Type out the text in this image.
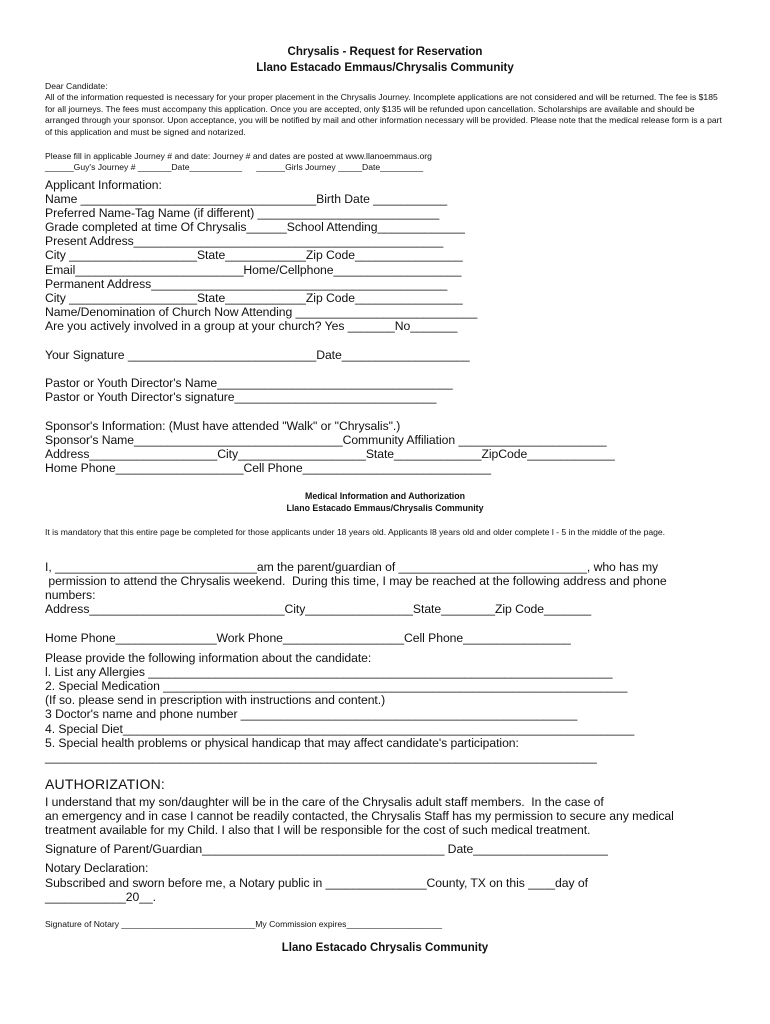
Chrysalis - Request for Reservation
Llano Estacado Emmaus/Chrysalis Community
Dear Candidate:
All of the information requested is necessary for your proper placement in the Chrysalis Journey. Incomplete applications are not considered and will be returned. The fee is $185 for all journeys. The fees must accompany this application. Once you are accepted, only $135 will be refunded upon cancellation. Scholarships are available and should be arranged through your sponsor. Upon acceptance, you will be notified by mail and other information necessary will be provided. Please note that the medical release form is a part of this application and must be signed and notarized.
Please fill in applicable Journey # and date: Journey # and dates are posted at www.llanoemmaus.org
______Guy's Journey # _______Date___________      ______Girls Journey _____Date_________
Applicant Information:
Name ___________________________________Birth Date ___________
Preferred Name-Tag Name (if different) ___________________________
Grade completed at time Of Chrysalis______School Attending_____________
Present Address______________________________________________
City ___________________State____________Zip Code________________
Email_________________________Home/Cellphone___________________
Permanent Address____________________________________________
City ___________________State____________Zip Code________________
Name/Denomination of Church Now Attending ___________________________
Are you actively involved in a group at your church? Yes _______No_______
Your Signature ____________________________Date___________________
Pastor or Youth Director's Name___________________________________
Pastor or Youth Director's signature______________________________
Sponsor's Information: (Must have attended "Walk" or "Chrysalis".)
Sponsor's Name_______________________________Community Affiliation ______________________
Address___________________City___________________State_____________ZipCode_____________
Home Phone___________________Cell Phone____________________________
Medical Information and Authorization
Llano Estacado Emmaus/Chrysalis Community
It is mandatory that this entire page be completed for those applicants under 18 years old. Applicants l8 years old and older complete l - 5 in the middle of the page.
I, ______________________________am the parent/guardian of ____________________________, who has my
permission to attend the Chrysalis weekend.  During this time, I may be reached at the following address and phone
numbers:
Address_____________________________City________________State________Zip Code_______
Home Phone_______________Work Phone__________________Cell Phone________________
Please provide the following information about the candidate:
l. List any Allergies _____________________________________________________________________
2. Special Medication _____________________________________________________________________
(If so. please send in prescription with instructions and content.)
3 Doctor's name and phone number __________________________________________________
4. Special Diet____________________________________________________________________________
5. Special health problems or physical handicap that may affect candidate's participation:
__________________________________________________________________________________
AUTHORIZATION:
I understand that my son/daughter will be in the care of the Chrysalis adult staff members.  In the case of
an emergency and in case I cannot be readily contacted, the Chrysalis Staff has my permission to secure any medical
treatment available for my Child. I also that I will be responsible for the cost of such medical treatment.
Signature of Parent/Guardian____________________________________ Date____________________
Notary Declaration:
Subscribed and sworn before me, a Notary public in _______________County, TX on this ____day of
____________20__.
Signature of Notary ____________________________My Commission expires____________________
Llano Estacado Chrysalis Community
